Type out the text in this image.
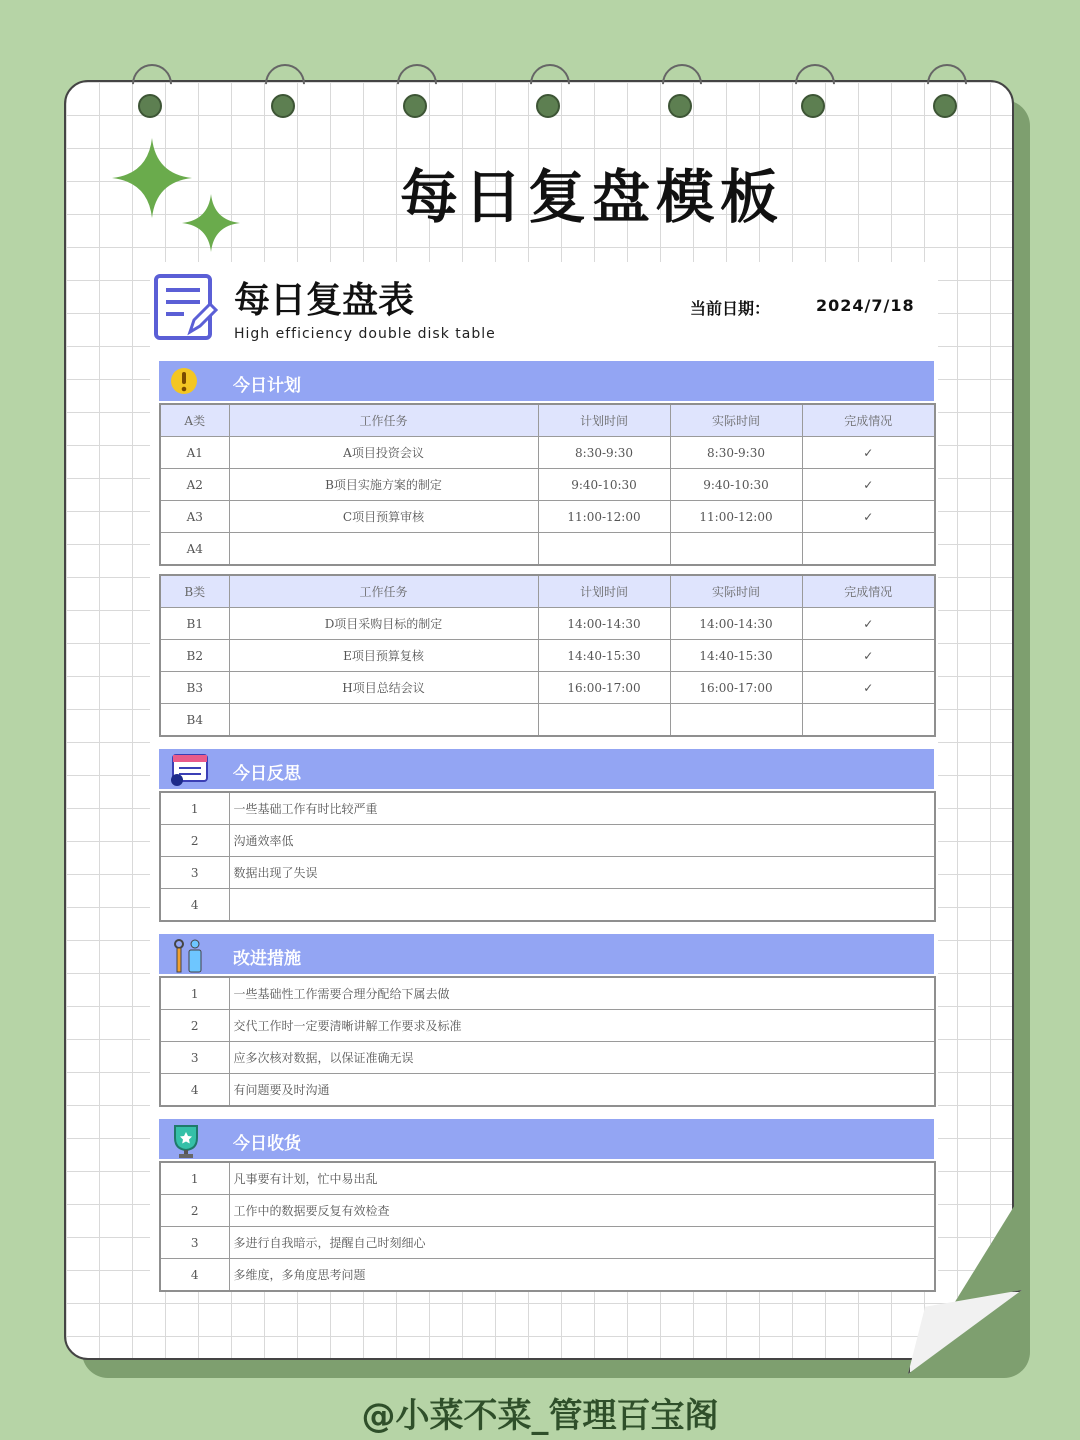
每日复盘模板
每日复盘表
High efficiency double disk table
当前日期：	2024/7/18
今日计划
A类	工作任务	计划时间	实际时间	完成情况
A1	A项目投资会议	8:30-9:30	8:30-9:30	✓
A2	B项目实施方案的制定	9:40-10:30	9:40-10:30	✓
A3	C项目预算审核	11:00-12:00	11:00-12:00	✓
A4				
B类	工作任务	计划时间	实际时间	完成情况
B1	D项目采购目标的制定	14:00-14:30	14:00-14:30	✓
B2	E项目预算复核	14:40-15:30	14:40-15:30	✓
B3	H项目总结会议	16:00-17:00	16:00-17:00	✓
B4				
今日反思
1	一些基础工作有时比较严重
2	沟通效率低
3	数据出现了失误
4	
改进措施
1	一些基础性工作需要合理分配给下属去做
2	交代工作时一定要清晰讲解工作要求及标准
3	应多次核对数据，以保证准确无误
4	有问题要及时沟通
今日收货
1	凡事要有计划，忙中易出乱
2	工作中的数据要反复有效检查
3	多进行自我暗示，提醒自己时刻细心
4	多维度，多角度思考问题
@小菜不菜_管理百宝阁
